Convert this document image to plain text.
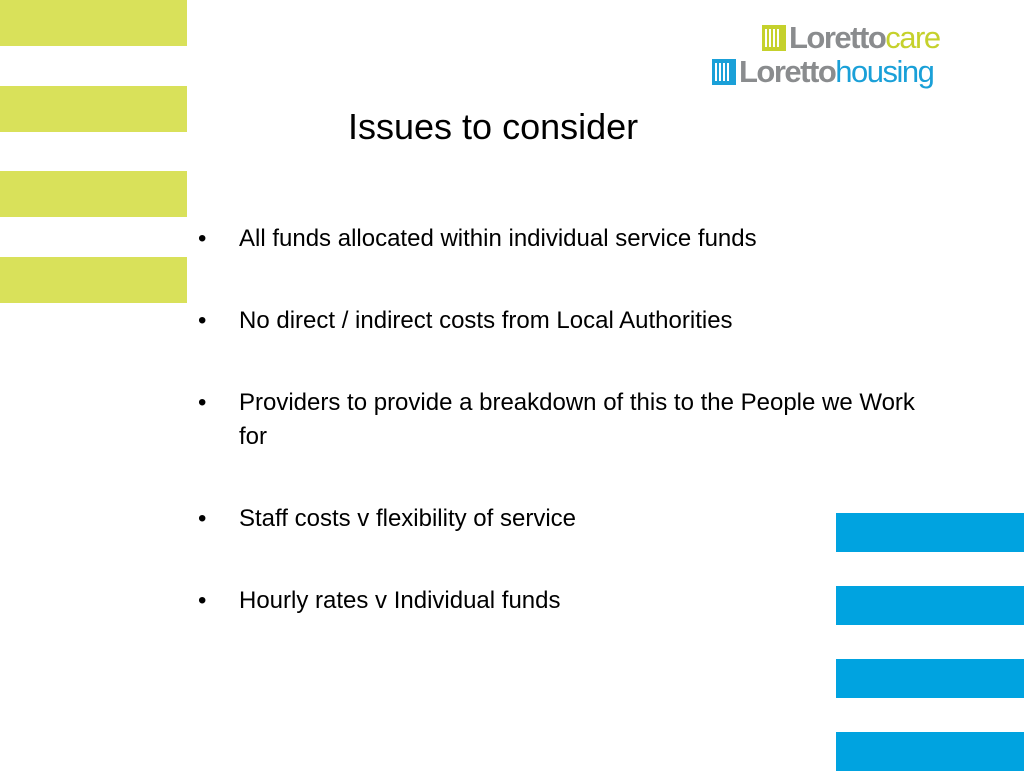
Lorettocare
Lorettohousing
Issues to consider
• All funds allocated within individual service funds
• No direct / indirect costs from Local Authorities
• Providers to provide a breakdown of this to the People we Work for
• Staff costs v flexibility of service
• Hourly rates v Individual funds
